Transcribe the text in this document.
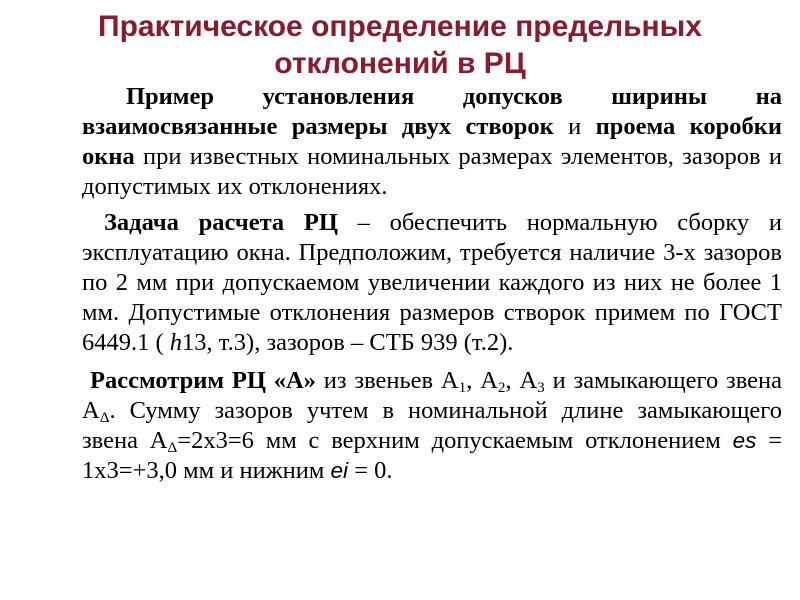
Практическое определение предельных
отклонений в РЦ

Пример установления допусков ширины на взаимосвязанные размеры двух створок и проема коробки окна при известных номинальных размерах элементов, зазоров и допустимых их отклонениях.

Задача расчета РЦ – обеспечить нормальную сборку и эксплуатацию окна. Предположим, требуется наличие 3-х зазоров по 2 мм при допускаемом увеличении каждого из них не более 1 мм. Допустимые отклонения размеров створок примем по ГОСТ 6449.1 ( h13, т.3), зазоров – СТБ 939 (т.2).

Рассмотрим РЦ «А» из звеньев $А_1$, $А_2$, $А_3$ и замыкающего звена $А_\Delta$. Сумму зазоров учтем в номинальной длине замыкающего звена $А_\Delta=2х3=6$ мм с верхним допускаемым отклонением es = 1х3=+3,0 мм и нижним ei = 0.
